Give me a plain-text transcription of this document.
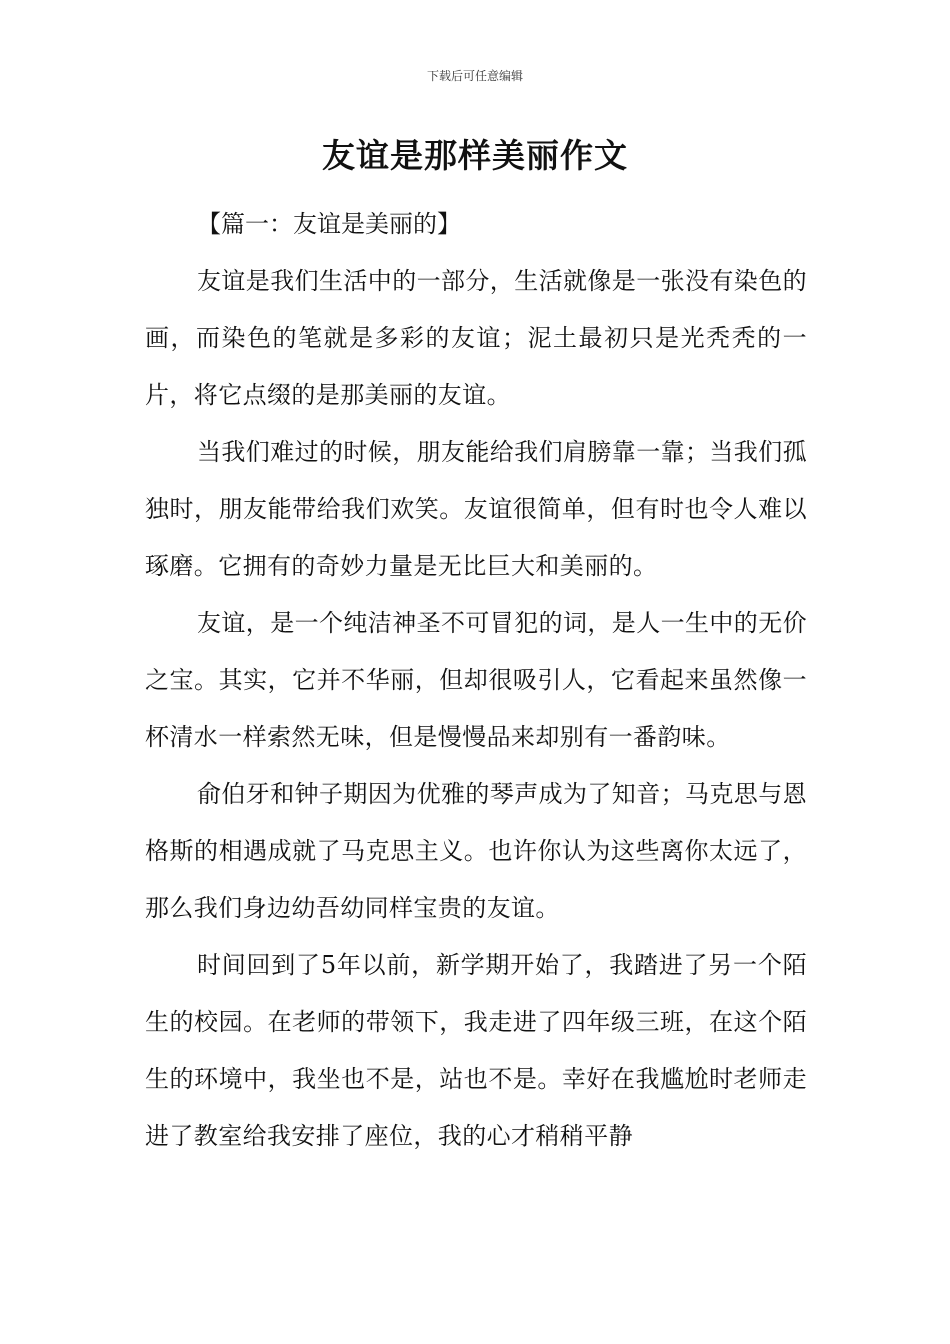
下载后可任意编辑
友谊是那样美丽作文

【篇一：友谊是美丽的】

友谊是我们生活中的一部分，生活就像是一张没有染色的画，而染色的笔就是多彩的友谊；泥土最初只是光秃秃的一片，将它点缀的是那美丽的友谊。

当我们难过的时候，朋友能给我们肩膀靠一靠；当我们孤独时，朋友能带给我们欢笑。友谊很简单，但有时也令人难以琢磨。它拥有的奇妙力量是无比巨大和美丽的。

友谊，是一个纯洁神圣不可冒犯的词，是人一生中的无价之宝。其实，它并不华丽，但却很吸引人，它看起来虽然像一杯清水一样索然无味，但是慢慢品来却别有一番韵味。

俞伯牙和钟子期因为优雅的琴声成为了知音；马克思与恩格斯的相遇成就了马克思主义。也许你认为这些离你太远了，那么我们身边幼吾幼同样宝贵的友谊。

时间回到了5年以前，新学期开始了，我踏进了另一个陌生的校园。在老师的带领下，我走进了四年级三班，在这个陌生的环境中，我坐也不是，站也不是。幸好在我尴尬时老师走进了教室给我安排了座位，我的心才稍稍平静
